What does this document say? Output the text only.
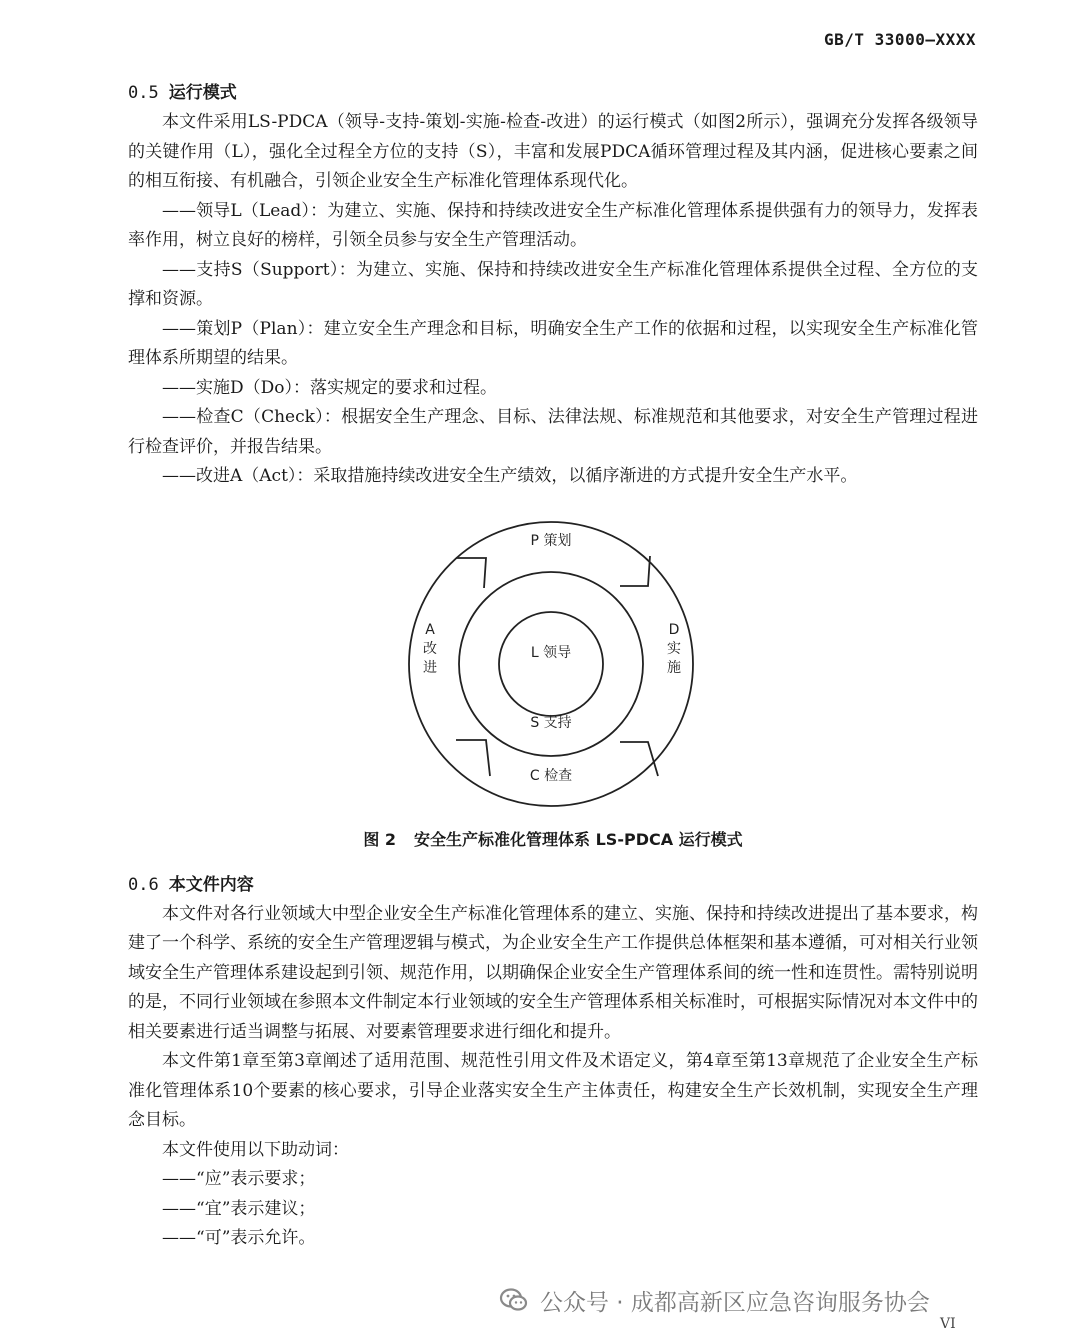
GB/T 33000—XXXX
0.5 运行模式

本文件采用LS-PDCA（领导-支持-策划-实施-检查-改进）的运行模式（如图2所示），强调充分发挥各级领导的关键作用（L），强化全过程全方位的支持（S），丰富和发展PDCA循环管理过程及其内涵，促进核心要素之间的相互衔接、有机融合，引领企业安全生产标准化管理体系现代化。

——领导L（Lead）：为建立、实施、保持和持续改进安全生产标准化管理体系提供强有力的领导力，发挥表率作用，树立良好的榜样，引领全员参与安全生产管理活动。

——支持S（Support）：为建立、实施、保持和持续改进安全生产标准化管理体系提供全过程、全方位的支撑和资源。

——策划P（Plan）：建立安全生产理念和目标，明确安全生产工作的依据和过程，以实现安全生产标准化管理体系所期望的结果。

——实施D（Do）：落实规定的要求和过程。

——检查C（Check）：根据安全生产理念、目标、法律法规、标准规范和其他要求，对安全生产管理过程进行检查评价，并报告结果。

——改进A（Act）：采取措施持续改进安全生产绩效，以循序渐进的方式提升安全生产水平。

P 策划
L 领导
S 支持
C 检查
A
改
进
D
实
施
图 2 安全生产标准化管理体系 LS-PDCA 运行模式
0.6 本文件内容

本文件对各行业领域大中型企业安全生产标准化管理体系的建立、实施、保持和持续改进提出了基本要求，构建了一个科学、系统的安全生产管理逻辑与模式，为企业安全生产工作提供总体框架和基本遵循，可对相关行业领域安全生产管理体系建设起到引领、规范作用，以期确保企业安全生产管理体系间的统一性和连贯性。需特别说明的是，不同行业领域在参照本文件制定本行业领域的安全生产管理体系相关标准时，可根据实际情况对本文件中的相关要素进行适当调整与拓展、对要素管理要求进行细化和提升。

本文件第1章至第3章阐述了适用范围、规范性引用文件及术语定义，第4章至第13章规范了企业安全生产标准化管理体系10个要素的核心要求，引导企业落实安全生产主体责任，构建安全生产长效机制，实现安全生产理念目标。

本文件使用以下助动词：

——“应”表示要求；

——“宜”表示建议；

——“可”表示允许。

公众号 · 成都高新区应急咨询服务协会
VI
